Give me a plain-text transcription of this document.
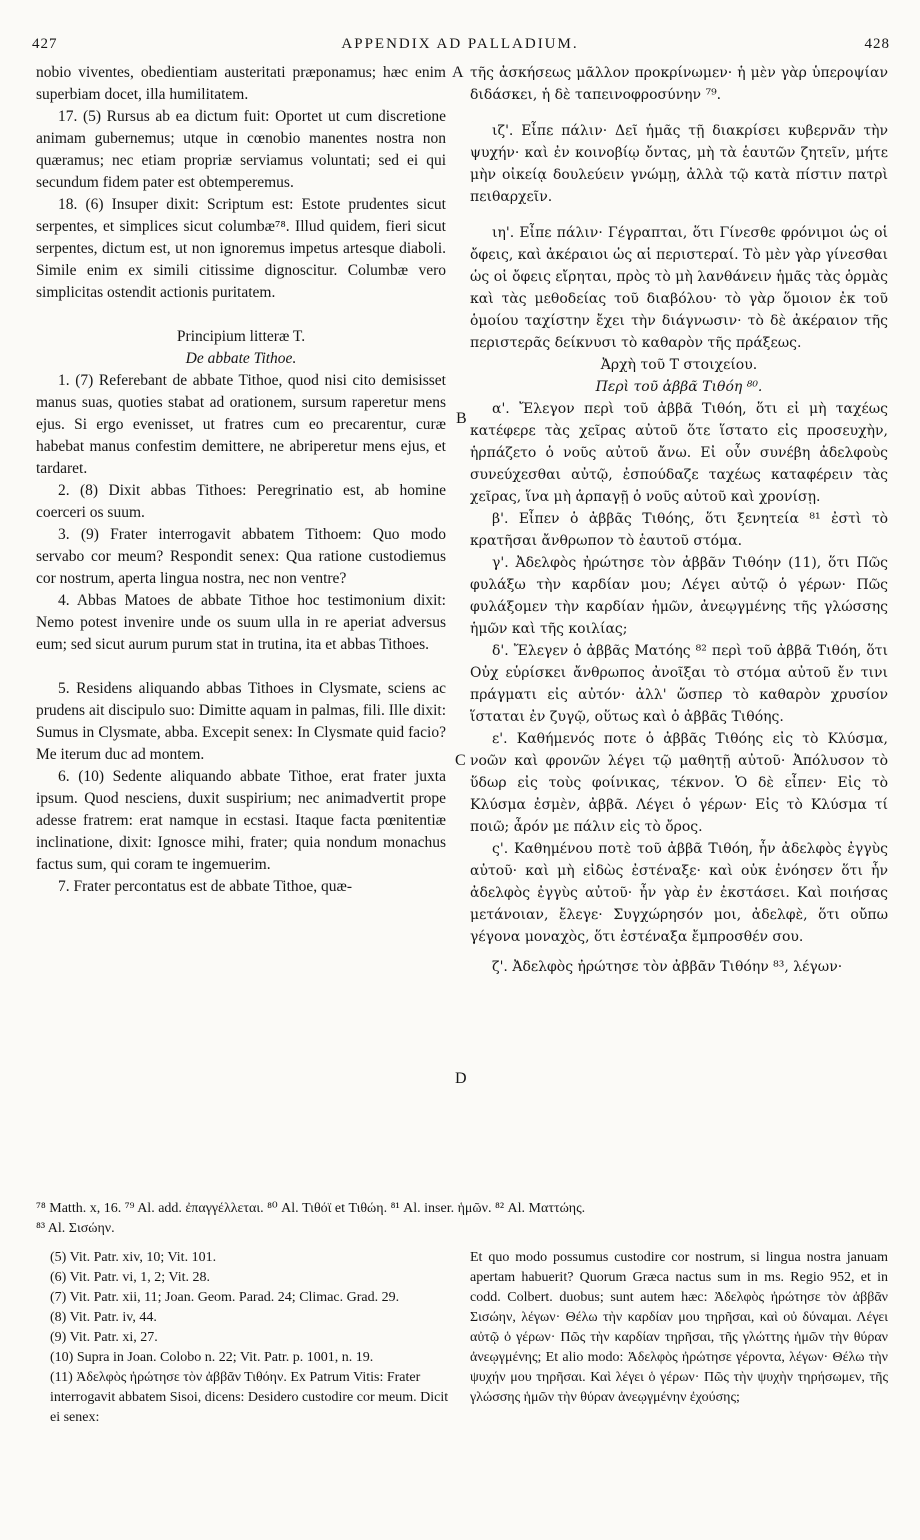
427	APPENDIX AD PALLADIUM.	428

nobio viventes, obedientiam austeritati præponamus; hæc enim superbiam docet, illa humilitatem.

17. (5) Rursus ab ea dictum fuit: Oportet ut cum discretione animam gubernemus; utque in cœnobio manentes nostra non quæramus; nec etiam propriæ serviamus voluntati; sed ei qui secundum fidem pater est obtemperemus.

18. (6) Insuper dixit: Scriptum est: Estote prudentes sicut serpentes, et simplices sicut columbæ⁷⁸. Illud quidem, fieri sicut serpentes, dictum est, ut non ignoremus impetus artesque diaboli. Simile enim ex simili citissime dignoscitur. Columbæ vero simplicitas ostendit actionis puritatem.

Principium litteræ T.

De abbate Tithoe.

1. (7) Referebant de abbate Tithoe, quod nisi cito demisisset manus suas, quoties stabat ad orationem, sursum raperetur mens ejus. Si ergo evenisset, ut fratres cum eo precarentur, curæ habebat manus confestim demittere, ne abriperetur mens ejus, et tardaret.

2. (8) Dixit abbas Tithoes: Peregrinatio est, ab homine coerceri os suum.

3. (9) Frater interrogavit abbatem Tithoem: Quo modo servabo cor meum? Respondit senex: Qua ratione custodiemus cor nostrum, aperta lingua nostra, nec non ventre?

4. Abbas Matoes de abbate Tithoe hoc testimonium dixit: Nemo potest invenire unde os suum ulla in re aperiat adversus eum; sed sicut aurum purum stat in trutina, ita et abbas Tithoes.

5. Residens aliquando abbas Tithoes in Clysmate, sciens ac prudens ait discipulo suo: Dimitte aquam in palmas, fili. Ille dixit: Sumus in Clysmate, abba. Excepit senex: In Clysmate quid facio? Me iterum duc ad montem.

6. (10) Sedente aliquando abbate Tithoe, erat frater juxta ipsum. Quod nesciens, duxit suspirium; nec animadvertit prope adesse fratrem: erat namque in ecstasi. Itaque facta pœnitentiæ inclinatione, dixit: Ignosce mihi, frater; quia nondum monachus factus sum, qui coram te ingemuerim.

7. Frater percontatus est de abbate Tithoe, quæ-

A
B
C
D

τῆς ἀσκήσεως μᾶλλον προκρίνωμεν· ἡ μὲν γὰρ ὑπεροψίαν διδάσκει, ἡ δὲ ταπεινοφροσύνην ⁷⁹.

ιζ'. Εἶπε πάλιν· Δεῖ ἡμᾶς τῇ διακρίσει κυβερνᾶν τὴν ψυχήν· καὶ ἐν κοινοβίῳ ὄντας, μὴ τὰ ἑαυτῶν ζητεῖν, μήτε μὴν οἰκείᾳ δουλεύειν γνώμῃ, ἀλλὰ τῷ κατὰ πίστιν πατρὶ πειθαρχεῖν.

ιη'. Εἶπε πάλιν· Γέγραπται, ὅτι Γίνεσθε φρόνιμοι ὡς οἱ ὄφεις, καὶ ἀκέραιοι ὡς αἱ περιστεραί. Τὸ μὲν γὰρ γίνεσθαι ὡς οἱ ὄφεις εἴρηται, πρὸς τὸ μὴ λανθάνειν ἡμᾶς τὰς ὁρμὰς καὶ τὰς μεθοδείας τοῦ διαβόλου· τὸ γὰρ ὅμοιον ἐκ τοῦ ὁμοίου ταχίστην ἔχει τὴν διάγνωσιν· τὸ δὲ ἀκέραιον τῆς περιστερᾶς δείκνυσι τὸ καθαρὸν τῆς πράξεως.

Ἀρχὴ τοῦ Τ στοιχείου.

Περὶ τοῦ ἀββᾶ Τιθόη ⁸⁰.

α'. Ἔλεγον περὶ τοῦ ἀββᾶ Τιθόη, ὅτι εἰ μὴ ταχέως κατέφερε τὰς χεῖρας αὐτοῦ ὅτε ἵστατο εἰς προσευχὴν, ἡρπάζετο ὁ νοῦς αὐτοῦ ἄνω. Εἰ οὖν συνέβη ἀδελφοὺς συνεύχεσθαι αὐτῷ, ἐσπούδαζε ταχέως καταφέρειν τὰς χεῖρας, ἵνα μὴ ἁρπαγῇ ὁ νοῦς αὐτοῦ καὶ χρονίσῃ.

β'. Εἶπεν ὁ ἀββᾶς Τιθόης, ὅτι ξενητεία ⁸¹ ἐστὶ τὸ κρατῆσαι ἄνθρωπον τὸ ἑαυτοῦ στόμα.

γ'. Ἀδελφὸς ἠρώτησε τὸν ἀββᾶν Τιθόην (11), ὅτι Πῶς φυλάξω τὴν καρδίαν μου; Λέγει αὐτῷ ὁ γέρων· Πῶς φυλάξομεν τὴν καρδίαν ἡμῶν, ἀνεῳγμένης τῆς γλώσσης ἡμῶν καὶ τῆς κοιλίας;

δ'. Ἔλεγεν ὁ ἀββᾶς Ματόης ⁸² περὶ τοῦ ἀββᾶ Τιθόη, ὅτι Οὐχ εὑρίσκει ἄνθρωπος ἀνοῖξαι τὸ στόμα αὐτοῦ ἔν τινι πράγματι εἰς αὐτόν· ἀλλ' ὥσπερ τὸ καθαρὸν χρυσίον ἵσταται ἐν ζυγῷ, οὕτως καὶ ὁ ἀββᾶς Τιθόης.

ε'. Καθήμενός ποτε ὁ ἀββᾶς Τιθόης εἰς τὸ Κλύσμα, νοῶν καὶ φρονῶν λέγει τῷ μαθητῇ αὐτοῦ· Ἀπόλυσον τὸ ὕδωρ εἰς τοὺς φοίνικας, τέκνον. Ὁ δὲ εἶπεν· Εἰς τὸ Κλύσμα ἐσμὲν, ἀββᾶ. Λέγει ὁ γέρων· Εἰς τὸ Κλύσμα τί ποιῶ; ἆρόν με πάλιν εἰς τὸ ὄρος.

ς'. Καθημένου ποτὲ τοῦ ἀββᾶ Τιθόη, ἦν ἀδελφὸς ἐγγὺς αὐτοῦ· καὶ μὴ εἰδὼς ἐστέναξε· καὶ οὐκ ἐνόησεν ὅτι ἦν ἀδελφὸς ἐγγὺς αὐτοῦ· ἦν γὰρ ἐν ἐκστάσει. Καὶ ποιήσας μετάνοιαν, ἔλεγε· Συγχώρησόν μοι, ἀδελφὲ, ὅτι οὔπω γέγονα μοναχὸς, ὅτι ἐστέναξα ἔμπροσθέν σου.

ζ'. Ἀδελφὸς ἠρώτησε τὸν ἀββᾶν Τιθόην ⁸³, λέγων·

⁷⁸ Matth. x, 16. ⁷⁹ Al. add. ἐπαγγέλλεται. ⁸⁰ Al. Τιθόϊ et Τιθώη. ⁸¹ Al. inser. ἡμῶν. ⁸² Al. Ματτώης.

⁸³ Al. Σισώην.

(5) Vit. Patr. xiv, 10; Vit. 101.

(6) Vit. Patr. vi, 1, 2; Vit. 28.

(7) Vit. Patr. xii, 11; Joan. Geom. Parad. 24; Climac. Grad. 29.

(8) Vit. Patr. iv, 44.

(9) Vit. Patr. xi, 27.

(10) Supra in Joan. Colobo n. 22; Vit. Patr. p. 1001, n. 19.

(11) Ἀδελφὸς ἠρώτησε τὸν ἀββᾶν Τιθόην. Ex Patrum Vitis: Frater interrogavit abbatem Sisoi, dicens: Desidero custodire cor meum. Dicit ei senex:

Et quo modo possumus custodire cor nostrum, si lingua nostra januam apertam habuerit? Quorum Græca nactus sum in ms. Regio 952, et in codd. Colbert. duobus; sunt autem hæc: Ἀδελφὸς ἠρώτησε τὸν ἀββᾶν Σισώην, λέγων· Θέλω τὴν καρδίαν μου τηρῆσαι, καὶ οὐ δύναμαι. Λέγει αὐτῷ ὁ γέρων· Πῶς τὴν καρδίαν τηρῆσαι, τῆς γλώττης ἡμῶν τὴν θύραν ἀνεῳγμένης; Et alio modo: Ἀδελφὸς ἠρώτησε γέροντα, λέγων· Θέλω τὴν ψυχήν μου τηρῆσαι. Καὶ λέγει ὁ γέρων· Πῶς τὴν ψυχὴν τηρήσωμεν, τῆς γλώσσης ἡμῶν τὴν θύραν ἀνεῳγμένην ἐχούσης;
